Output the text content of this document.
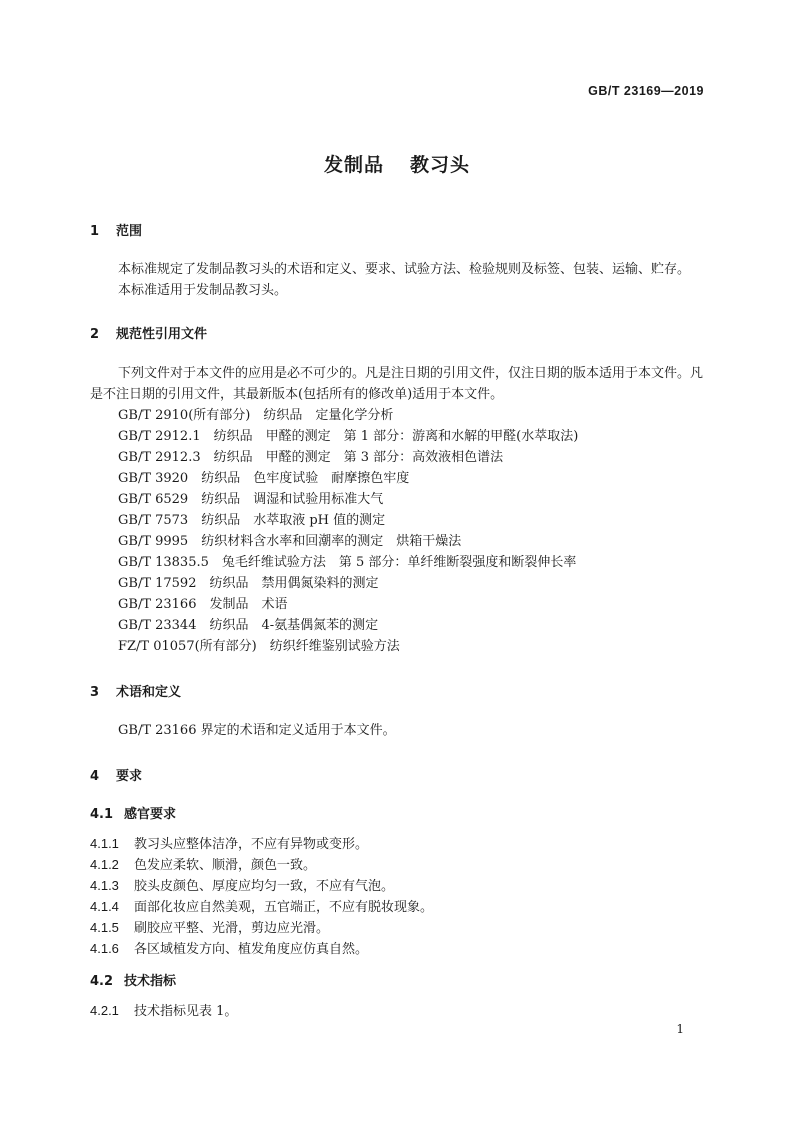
GB/T 23169—2019
发制品 教习头
1 范围

本标准规定了发制品教习头的术语和定义、要求、试验方法、检验规则及标签、包装、运输、贮存。

本标准适用于发制品教习头。

2 规范性引用文件

下列文件对于本文件的应用是必不可少的。凡是注日期的引用文件，仅注日期的版本适用于本文件。凡是不注日期的引用文件，其最新版本(包括所有的修改单)适用于本文件。

GB/T 2910(所有部分)　纺织品　定量化学分析
GB/T 2912.1　纺织品　甲醛的测定　第 1 部分：游离和水解的甲醛(水萃取法)
GB/T 2912.3　纺织品　甲醛的测定　第 3 部分：高效液相色谱法
GB/T 3920　纺织品　色牢度试验　耐摩擦色牢度
GB/T 6529　纺织品　调湿和试验用标准大气
GB/T 7573　纺织品　水萃取液 pH 值的测定
GB/T 9995　纺织材料含水率和回潮率的测定　烘箱干燥法
GB/T 13835.5　兔毛纤维试验方法　第 5 部分：单纤维断裂强度和断裂伸长率
GB/T 17592　纺织品　禁用偶氮染料的测定
GB/T 23166　发制品　术语
GB/T 23344　纺织品　4-氨基偶氮苯的测定
FZ/T 01057(所有部分)　纺织纤维鉴别试验方法
3 术语和定义

GB/T 23166 界定的术语和定义适用于本文件。

4 要求
4.1 感官要求
4.1.1 教习头应整体洁净，不应有异物或变形。
4.1.2 色发应柔软、顺滑，颜色一致。
4.1.3 胶头皮颜色、厚度应均匀一致，不应有气泡。
4.1.4 面部化妆应自然美观，五官端正，不应有脱妆现象。
4.1.5 刷胶应平整、光滑，剪边应光滑。
4.1.6 各区域植发方向、植发角度应仿真自然。
4.2 技术指标
4.2.1 技术指标见表 1。
1
